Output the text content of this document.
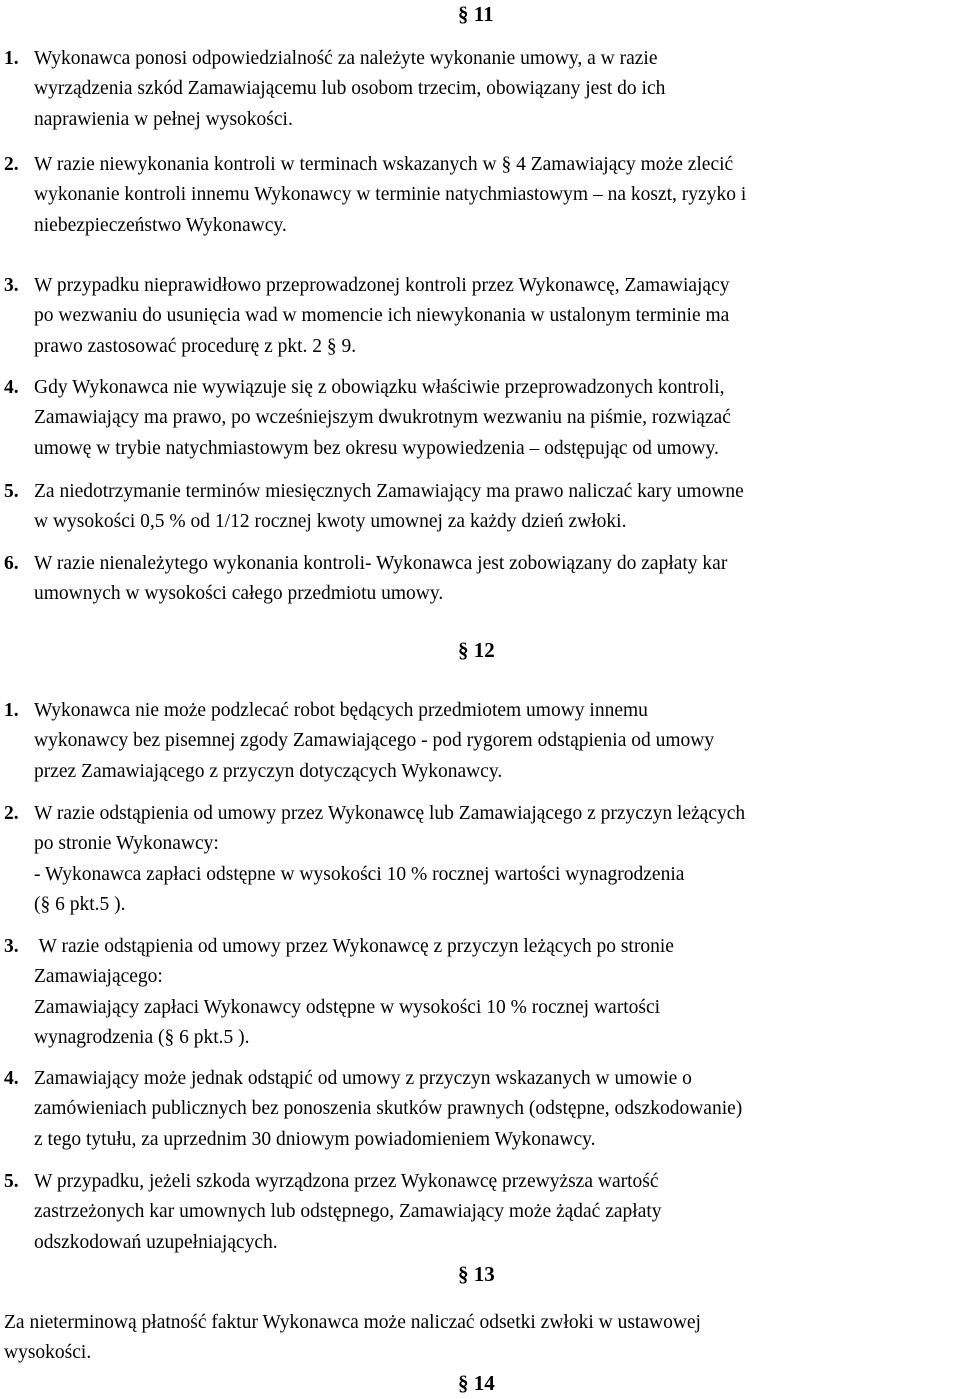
§ 11
1. Wykonawca ponosi odpowiedzialność za należyte wykonanie umowy, a w razie
wyrządzenia szkód Zamawiającemu lub osobom trzecim, obowiązany jest do ich
naprawienia w pełnej wysokości.
2. W razie niewykonania kontroli w terminach wskazanych w § 4 Zamawiający może zlecić
wykonanie kontroli innemu Wykonawcy w terminie natychmiastowym – na koszt, ryzyko i
niebezpieczeństwo Wykonawcy.
3. W przypadku nieprawidłowo przeprowadzonej kontroli przez Wykonawcę, Zamawiający
po wezwaniu do usunięcia wad w momencie ich niewykonania w ustalonym terminie ma
prawo zastosować procedurę z pkt. 2 § 9.
4. Gdy Wykonawca nie wywiązuje się z obowiązku właściwie przeprowadzonych kontroli,
Zamawiający ma prawo, po wcześniejszym dwukrotnym wezwaniu na piśmie, rozwiązać
umowę w trybie natychmiastowym bez okresu wypowiedzenia – odstępując od umowy.
5. Za niedotrzymanie terminów miesięcznych Zamawiający ma prawo naliczać kary umowne
w wysokości 0,5 % od 1/12 rocznej kwoty umownej za każdy dzień zwłoki.
6. W razie nienależytego wykonania kontroli- Wykonawca jest zobowiązany do zapłaty kar
umownych w wysokości całego przedmiotu umowy.
§ 12
1. Wykonawca nie może podzlecać robot będących przedmiotem umowy innemu
wykonawcy bez pisemnej zgody Zamawiającego - pod rygorem odstąpienia od umowy
przez Zamawiającego z przyczyn dotyczących Wykonawcy.
2. W razie odstąpienia od umowy przez Wykonawcę lub Zamawiającego z przyczyn leżących
po stronie Wykonawcy:
- Wykonawca zapłaci odstępne w wysokości 10 % rocznej wartości wynagrodzenia
(§ 6 pkt.5 ).
3. W razie odstąpienia od umowy przez Wykonawcę z przyczyn leżących po stronie
Zamawiającego:
Zamawiający zapłaci Wykonawcy odstępne w wysokości 10 % rocznej wartości
wynagrodzenia (§ 6 pkt.5 ).
4. Zamawiający może jednak odstąpić od umowy z przyczyn wskazanych w umowie o
zamówieniach publicznych bez ponoszenia skutków prawnych (odstępne, odszkodowanie)
z tego tytułu, za uprzednim 30 dniowym powiadomieniem Wykonawcy.
5. W przypadku, jeżeli szkoda wyrządzona przez Wykonawcę przewyższa wartość
zastrzeżonych kar umownych lub odstępnego, Zamawiający może żądać zapłaty
odszkodowań uzupełniających.
§ 13
Za nieterminową płatność faktur Wykonawca może naliczać odsetki zwłoki w ustawowej
wysokości.
§ 14
